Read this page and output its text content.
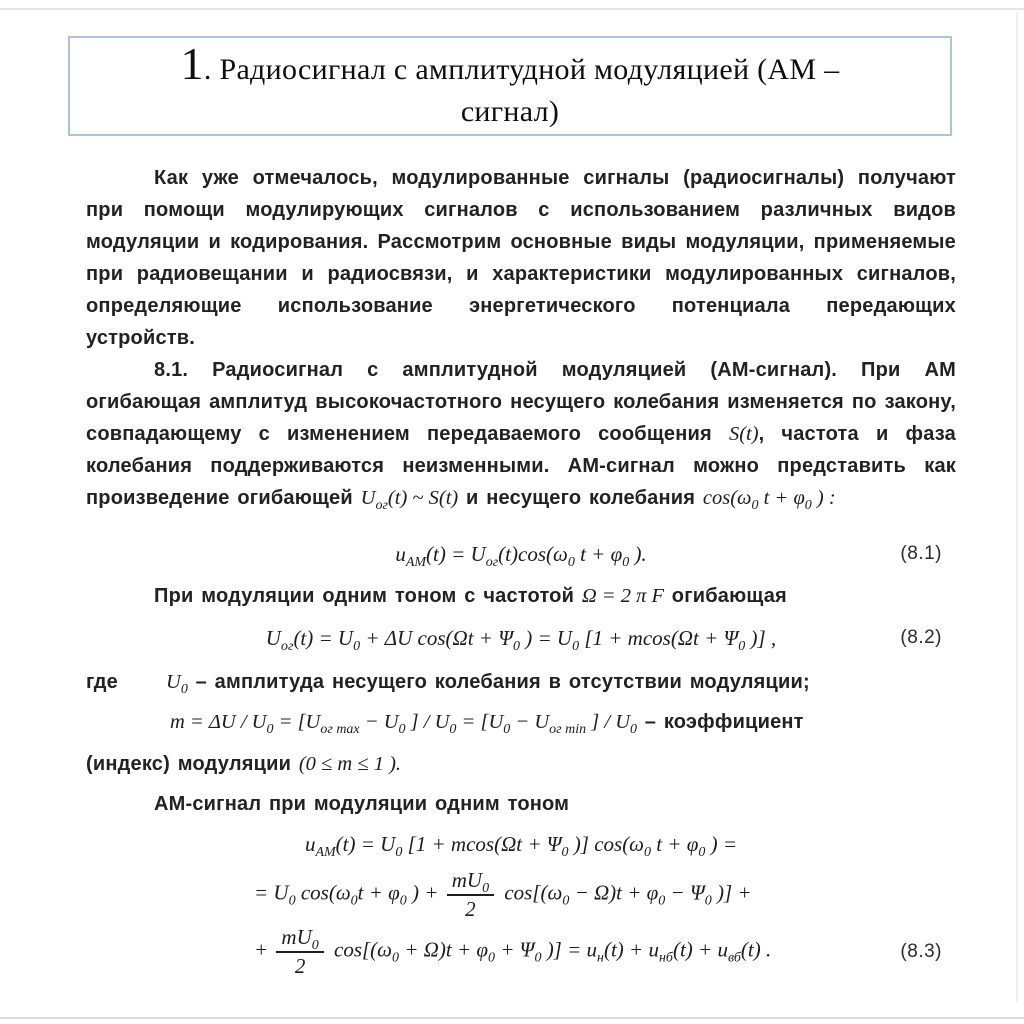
1. Радиосигнал с амплитудной модуляцией (АМ –
сигнал)

Как уже отмечалось, модулированные сигналы (радиосигналы) получают при помощи модулирующих сигналов с использованием различных видов модуляции и кодирования. Рассмотрим основные виды модуляции, применяемые при радиовещании и радиосвязи, и характеристики модулированных сигналов, определяющие использование энергетического потенциала передающих устройств.

8.1. Радиосигнал с амплитудной модуляцией (АМ-сигнал). При АМ огибающая амплитуд высокочастотного несущего колебания изменяется по закону, совпадающему с изменением передаваемого сообщения S(t), частота и фаза колебания поддерживаются неизменными. АМ-сигнал можно представить как произведение огибающей $U_{ог}(t)$ ~ S(t) и несущего колебания $\cos(\omega_0$ $t + \varphi_0$ ) :

$u_{АМ}(t) = U_{ог}(t)\cos(\omega_0$ $t + \varphi_0$ ).	(8.1)

При модуляции одним тоном с частотой Ω = 2 π F огибающая

$U_{ог}(t) = U_0 + \Delta U$ $\cos(\Omega t + \Psi_0$ ) = $U_0$ [$1 + mcos(\Omega t + \Psi_0$ )] ,	(8.2)

где $U_0$ – амплитуда несущего колебания в отсутствии модуляции;

$m = \Delta U / U_0 = [U_{ог max} - U_0$ ] / $U_0 = [U_0 - U_{ог min}$ ] / $U_0$ – коэффициент

(индекс) модуляции (0 ≤ m ≤ 1 ).

АМ-сигнал при модуляции одним тоном

$u_{АМ}(t) = U_0$ [$1 + mcos(\Omega t + \Psi_0$ )] $\cos(\omega_0$ $t + \varphi_0$ ) =
= $U_0$ $\cos(\omega_0t + \varphi_0$ ) + $\frac{mU_0}{2} \cos[(\omega_0 - \Omega)t + \varphi_0 - \Psi_0$ )] +
+ $\frac{mU_0}{2} \cos[(\omega_0 + \Omega)t + \varphi_0 + \Psi_0$ )] = $u_н(t) + u_{нб}(t) + u_{вб}(t)$ .	(8.3)
